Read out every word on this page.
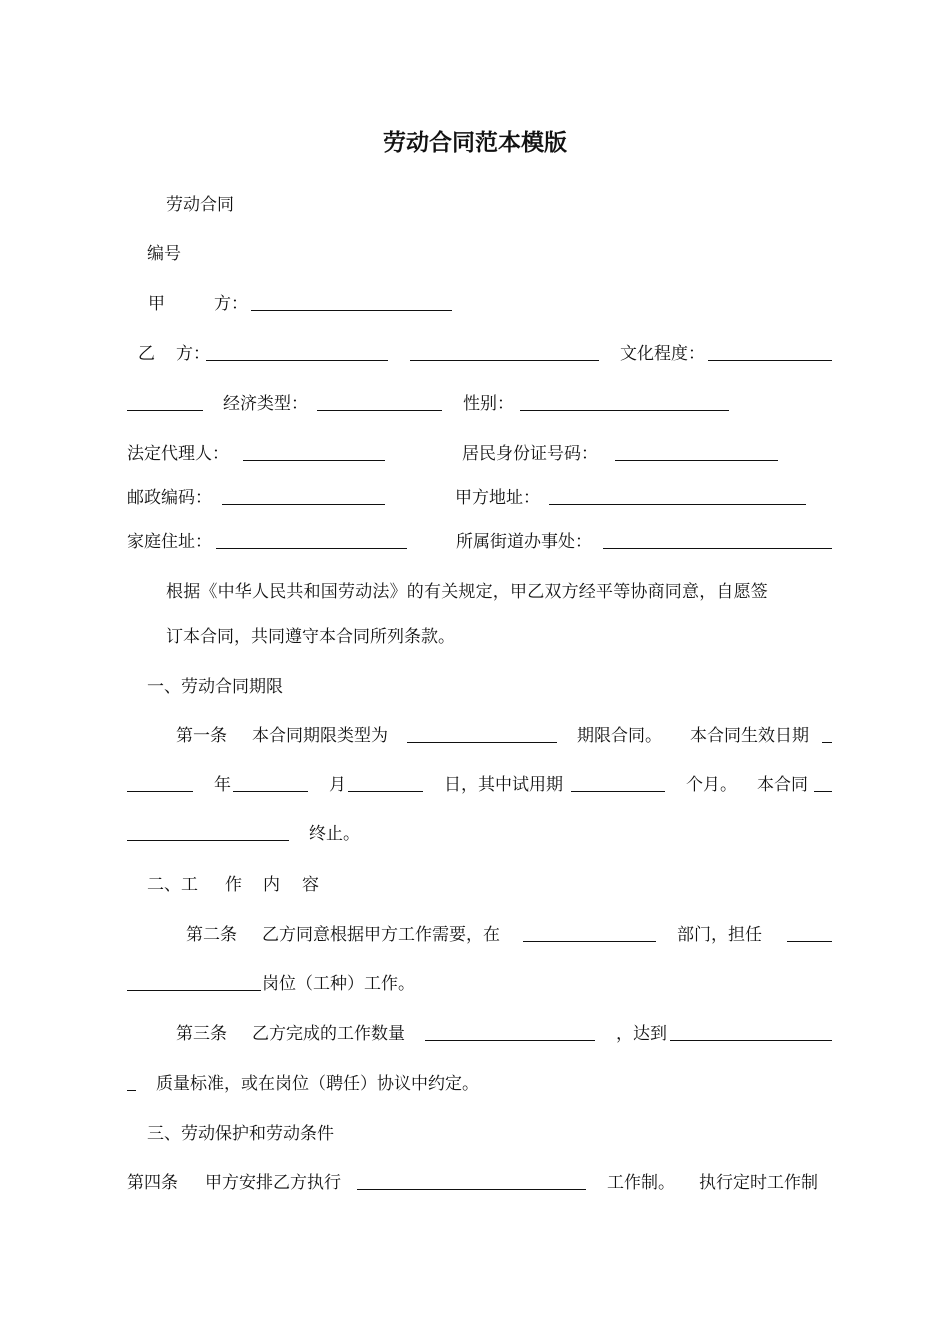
劳动合同范本模版
劳动合同
编号
甲	方：
乙 方：	文化程度：
经济类型：	性别：
法定代理人：	居民身份证号码：
邮政编码：	甲方地址：
家庭住址：	所属街道办事处：
根据《中华人民共和国劳动法》的有关规定，甲乙双方经平等协商同意，自愿签
订本合同，共同遵守本合同所列条款。
一、劳动合同期限
第一条 本合同期限类型为	期限合同。 本合同生效日期
年	月	日，其中试用期	个月。 本合同
终止。
二、工 作 内 容
第二条 乙方同意根据甲方工作需要，在	部门，担任
岗位（工种）工作。
第三条 乙方完成的工作数量	，达到
质量标准，或在岗位（聘任）协议中约定。
三、劳动保护和劳动条件
第四条 甲方安排乙方执行	工作制。 执行定时工作制
